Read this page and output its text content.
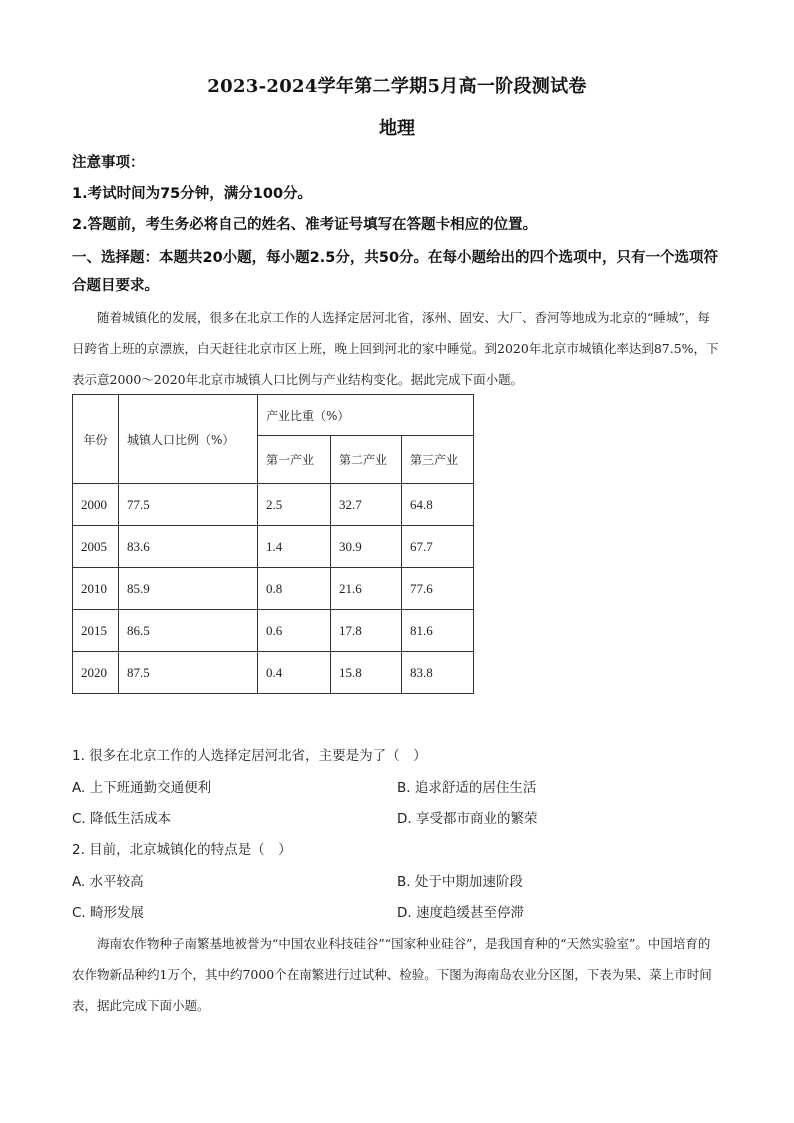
2023-2024学年第二学期5月高一阶段测试卷
地理
注意事项：
1.考试时间为75分钟，满分100分。
2.答题前，考生务必将自己的姓名、准考证号填写在答题卡相应的位置。
一、选择题：本题共20小题，每小题2.5分，共50分。在每小题给出的四个选项中，只有一个选项符合题目要求。
随着城镇化的发展，很多在北京工作的人选择定居河北省，涿州、固安、大厂、香河等地成为北京的“睡城”，每日跨省上班的京漂族，白天赶往北京市区上班，晚上回到河北的家中睡觉。到2020年北京市城镇化率达到87.5%，下表示意2000～2020年北京市城镇人口比例与产业结构变化。据此完成下面小题。
年份	城镇人口比例（%）	产业比重（%）		
		第一产业	第二产业	第三产业
2000	77.5	2.5	32.7	64.8
2005	83.6	1.4	30.9	67.7
2010	85.9	0.8	21.6	77.6
2015	86.5	0.6	17.8	81.6
2020	87.5	0.4	15.8	83.8
1. 很多在北京工作的人选择定居河北省，主要是为了（　）
A. 上下班通勤交通便利	B. 追求舒适的居住生活
C. 降低生活成本	D. 享受都市商业的繁荣
2. 目前，北京城镇化的特点是（　）
A. 水平较高	B. 处于中期加速阶段
C. 畸形发展	D. 速度趋缓甚至停滞
海南农作物种子南繁基地被誉为“中国农业科技硅谷”“国家种业硅谷”，是我国育种的“天然实验室”。中国培育的农作物新品种约1万个，其中约7000个在南繁进行过试种、检验。下图为海南岛农业分区图，下表为果、菜上市时间表，据此完成下面小题。
